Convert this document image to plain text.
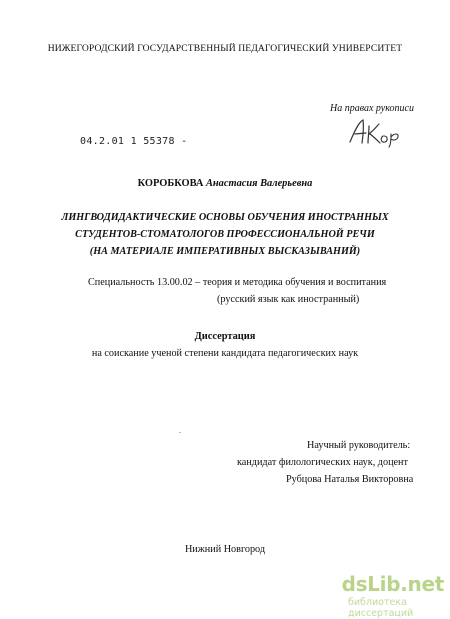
НИЖЕГОРОДСКИЙ ГОСУДАРСТВЕННЫЙ ПЕДАГОГИЧЕСКИЙ УНИВЕРСИТЕТ
На правах рукописи
04.2.01 1 55378 -
КОРОБКОВА Анастасия Валерьевна
ЛИНГВОДИДАКТИЧЕСКИЕ ОСНОВЫ ОБУЧЕНИЯ ИНОСТРАННЫХ
СТУДЕНТОВ-СТОМАТОЛОГОВ ПРОФЕССИОНАЛЬНОЙ РЕЧИ
(НА МАТЕРИАЛЕ ИМПЕРАТИВНЫХ ВЫСКАЗЫВАНИЙ)
Специальность 13.00.02 – теория и методика обучения и воспитания
(русский язык как иностранный)
Диссертация
на соискание ученой степени кандидата педагогических наук
.
Научный руководитель:
кандидат филологических наук, доцент
Рубцова Наталья Викторовна
Нижний Новгород
dsLib.net
библиотека диссертаций
